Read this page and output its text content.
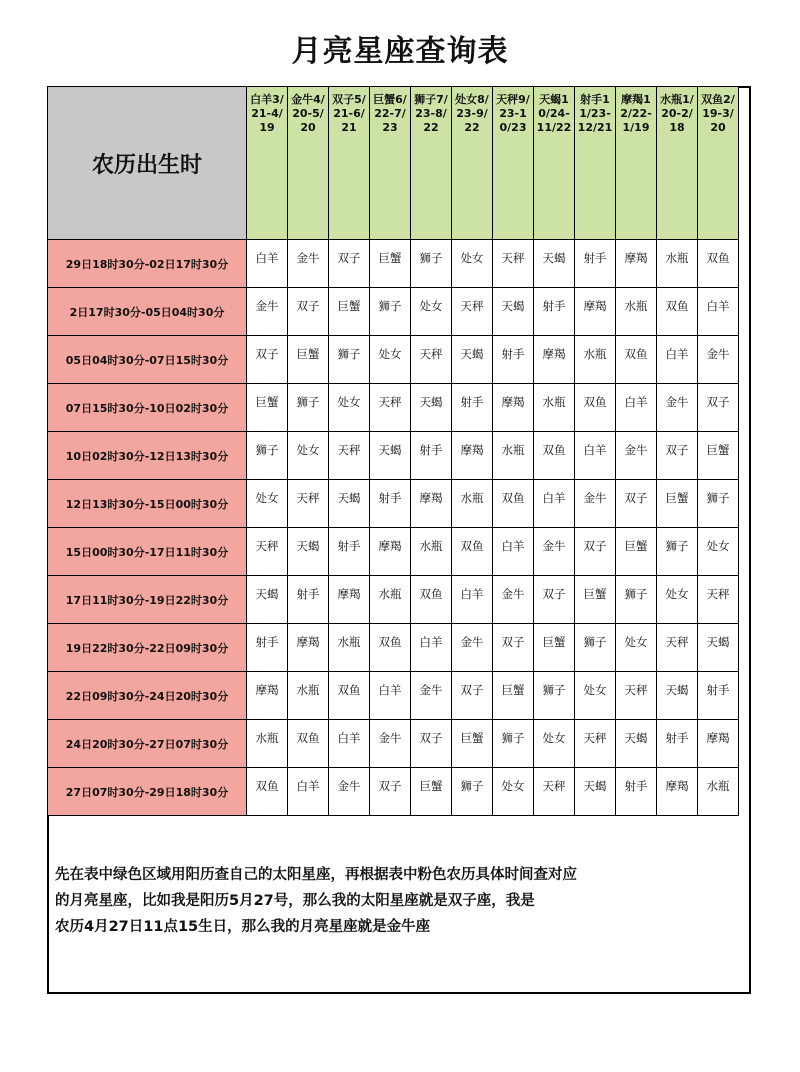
月亮星座查询表
农历出生时	白羊3/21-4/19	金牛4/20-5/20	双子5/21-6/21	巨蟹6/22-7/23	狮子7/23-8/22	处女8/23-9/22	天秤9/23-10/23	天蝎10/24-11/22	射手11/23-12/21	摩羯12/22-1/19	水瓶1/20-2/18	双鱼2/19-3/20
29日18时30分-02日17时30分	白羊	金牛	双子	巨蟹	狮子	处女	天秤	天蝎	射手	摩羯	水瓶	双鱼
2日17时30分-05日04时30分	金牛	双子	巨蟹	狮子	处女	天秤	天蝎	射手	摩羯	水瓶	双鱼	白羊
05日04时30分-07日15时30分	双子	巨蟹	狮子	处女	天秤	天蝎	射手	摩羯	水瓶	双鱼	白羊	金牛
07日15时30分-10日02时30分	巨蟹	狮子	处女	天秤	天蝎	射手	摩羯	水瓶	双鱼	白羊	金牛	双子
10日02时30分-12日13时30分	狮子	处女	天秤	天蝎	射手	摩羯	水瓶	双鱼	白羊	金牛	双子	巨蟹
12日13时30分-15日00时30分	处女	天秤	天蝎	射手	摩羯	水瓶	双鱼	白羊	金牛	双子	巨蟹	狮子
15日00时30分-17日11时30分	天秤	天蝎	射手	摩羯	水瓶	双鱼	白羊	金牛	双子	巨蟹	狮子	处女
17日11时30分-19日22时30分	天蝎	射手	摩羯	水瓶	双鱼	白羊	金牛	双子	巨蟹	狮子	处女	天秤
19日22时30分-22日09时30分	射手	摩羯	水瓶	双鱼	白羊	金牛	双子	巨蟹	狮子	处女	天秤	天蝎
22日09时30分-24日20时30分	摩羯	水瓶	双鱼	白羊	金牛	双子	巨蟹	狮子	处女	天秤	天蝎	射手
24日20时30分-27日07时30分	水瓶	双鱼	白羊	金牛	双子	巨蟹	狮子	处女	天秤	天蝎	射手	摩羯
27日07时30分-29日18时30分	双鱼	白羊	金牛	双子	巨蟹	狮子	处女	天秤	天蝎	射手	摩羯	水瓶
先在表中绿色区域用阳历查自己的太阳星座，再根据表中粉色农历具体时间查对应
的月亮星座，比如我是阳历5月27号，那么我的太阳星座就是双子座，我是
农历4月27日11点15生日，那么我的月亮星座就是金牛座
